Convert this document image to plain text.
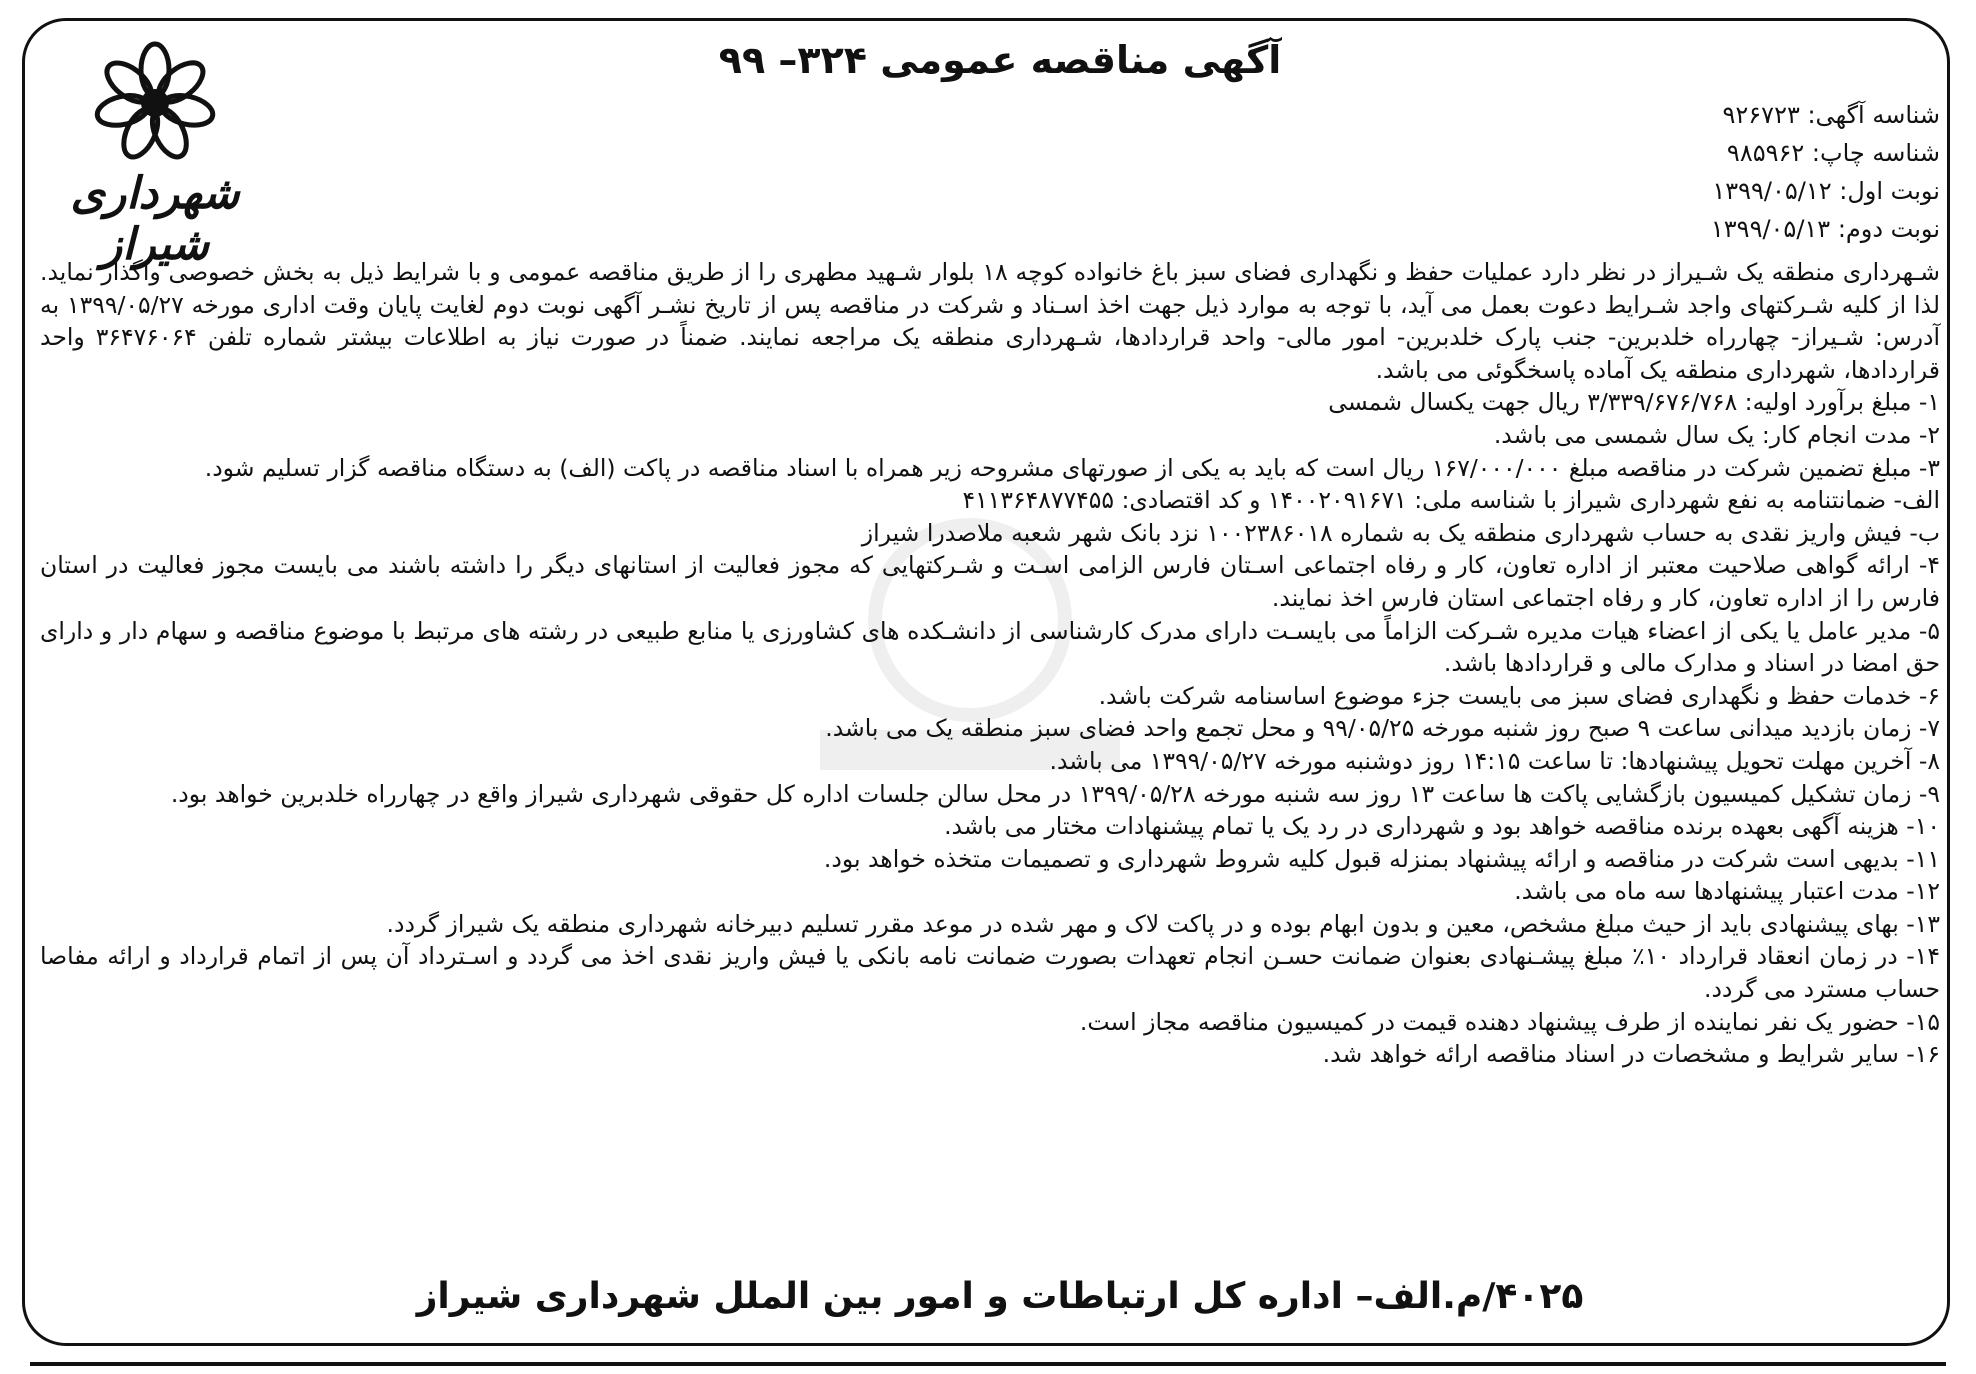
شهرداری شیراز
آگهی مناقصه عمومی ۳۲۴– ۹۹
شناسه آگهی: ۹۲۶۷۲۳
شناسه چاپ: ۹۸۵۹۶۲
نوبت اول: ۱۳۹۹/۰۵/۱۲
نوبت دوم: ۱۳۹۹/۰۵/۱۳

شـهرداری منطقه یک شـیراز در نظر دارد عملیات حفظ و نگهداری فضای سبز باغ خانواده کوچه ۱۸ بلوار شـهید مطهری را از طریق مناقصه عمومی و با شرایط ذیل به بخش خصوصی واگذار نماید. لذا از کلیه شـرکتهای واجد شـرایط دعوت بعمل می آید، با توجه به موارد ذیل جهت اخذ اسـناد و شرکت در مناقصه پس از تاریخ نشـر آگهی نوبت دوم لغایت پایان وقت اداری مورخه ۱۳۹۹/۰۵/۲۷ به آدرس: شـیراز- چهارراه خلدبرین- جنب پارک خلدبرین- امور مالی- واحد قراردادها، شـهرداری منطقه یک مراجعه نمایند. ضمناً در صورت نیاز به اطلاعات بیشتر شماره تلفن ۳۶۴۷۶۰۶۴ واحد قراردادها، شهرداری منطقه یک آماده پاسخگوئی می باشد.

۱- مبلغ برآورد اولیه: ۳/۳۳۹/۶۷۶/۷۶۸ ریال جهت یکسال شمسی
۲- مدت انجام کار: یک سال شمسی می باشد.
۳- مبلغ تضمین شرکت در مناقصه مبلغ ۱۶۷/۰۰۰/۰۰۰ ریال است که باید به یکی از صورتهای مشروحه زیر همراه با اسناد مناقصه در پاکت (الف) به دستگاه مناقصه گزار تسلیم شود.
الف- ضمانتنامه به نفع شهرداری شیراز با شناسه ملی: ۱۴۰۰۲۰۹۱۶۷۱ و کد اقتصادی: ۴۱۱۳۶۴۸۷۷۴۵۵
ب- فیش واریز نقدی به حساب شهرداری منطقه یک به شماره ۱۰۰۲۳۸۶۰۱۸ نزد بانک شهر شعبه ملاصدرا شیراز
۴- ارائه گواهی صلاحیت معتبر از اداره تعاون، کار و رفاه اجتماعی اسـتان فارس الزامی اسـت و شـرکتهایی که مجوز فعالیت از استانهای دیگر را داشته باشند می بایست مجوز فعالیت در استان فارس را از اداره تعاون، کار و رفاه اجتماعی استان فارس اخذ نمایند.
۵- مدیر عامل یا یکی از اعضاء هیات مدیره شـرکت الزاماً می بایسـت دارای مدرک کارشناسی از دانشـکده های کشاورزی یا منابع طبیعی در رشته های مرتبط با موضوع مناقصه و سهام دار و دارای حق امضا در اسناد و مدارک مالی و قراردادها باشد.
۶- خدمات حفظ و نگهداری فضای سبز می بایست جزء موضوع اساسنامه شرکت باشد.
۷- زمان بازدید میدانی ساعت ۹ صبح روز شنبه مورخه ۹۹/۰۵/۲۵ و محل تجمع واحد فضای سبز منطقه یک می باشد.
۸- آخرین مهلت تحویل پیشنهادها: تا ساعت ۱۴:۱۵ روز دوشنبه مورخه ۱۳۹۹/۰۵/۲۷ می باشد.
۹- زمان تشکیل کمیسیون بازگشایی پاکت ها ساعت ۱۳ روز سه شنبه مورخه ۱۳۹۹/۰۵/۲۸ در محل سالن جلسات اداره کل حقوقی شهرداری شیراز واقع در چهارراه خلدبرین خواهد بود.
۱۰- هزینه آگهی بعهده برنده مناقصه خواهد بود و شهرداری در رد یک یا تمام پیشنهادات مختار می باشد.
۱۱- بدیهی است شرکت در مناقصه و ارائه پیشنهاد بمنزله قبول کلیه شروط شهرداری و تصمیمات متخذه خواهد بود.
۱۲- مدت اعتبار پیشنهادها سه ماه می باشد.
۱۳- بهای پیشنهادی باید از حیث مبلغ مشخص، معین و بدون ابهام بوده و در پاکت لاک و مهر شده در موعد مقرر تسلیم دبیرخانه شهرداری منطقه یک شیراز گردد.
۱۴- در زمان انعقاد قرارداد ۱۰٪ مبلغ پیشـنهادی بعنوان ضمانت حسـن انجام تعهدات بصورت ضمانت نامه بانکی یا فیش واریز نقدی اخذ می گردد و اسـترداد آن پس از اتمام قرارداد و ارائه مفاصا حساب مسترد می گردد.
۱۵- حضور یک نفر نماینده از طرف پیشنهاد دهنده قیمت در کمیسیون مناقصه مجاز است.
۱۶- سایر شرایط و مشخصات در اسناد مناقصه ارائه خواهد شد.
۴۰۲۵/م.الف– اداره کل ارتباطات و امور بین الملل شهرداری شیراز
